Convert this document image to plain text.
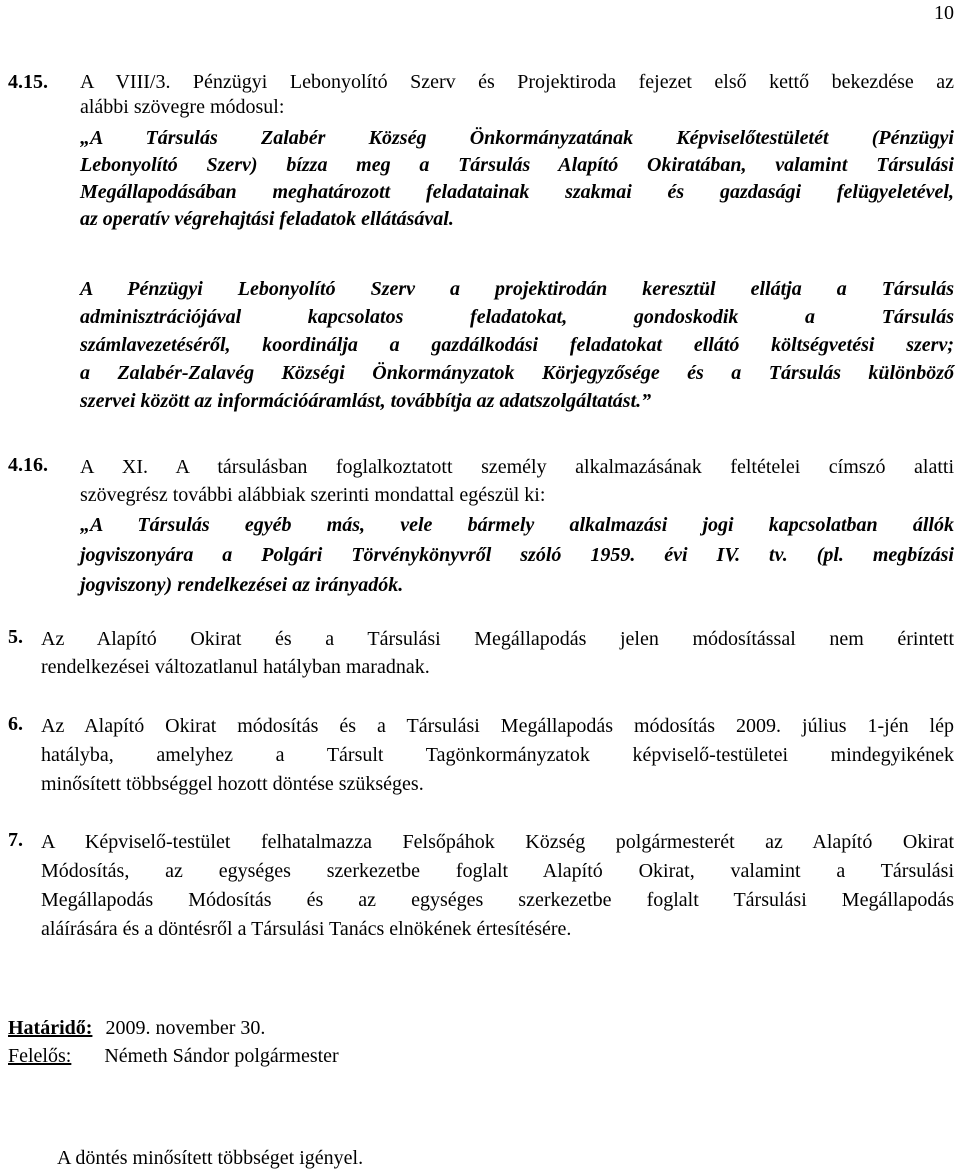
10
4.15.	A VIII/3. Pénzügyi Lebonyolító Szerv és Projektiroda fejezet első kettő bekezdése az
alábbi szövegre módosul:
„A Társulás Zalabér Község Önkormányzatának Képviselőtestületét (Pénzügyi
Lebonyolító Szerv) bízza meg a Társulás Alapító Okiratában, valamint Társulási
Megállapodásában meghatározott feladatainak szakmai és gazdasági felügyeletével,
az operatív végrehajtási feladatok ellátásával.
A Pénzügyi Lebonyolító Szerv a projektirodán keresztül ellátja a Társulás
adminisztrációjával kapcsolatos feladatokat, gondoskodik a Társulás
számlavezetéséről, koordinálja a gazdálkodási feladatokat ellátó költségvetési szerv;
a Zalabér-Zalavég Községi Önkormányzatok Körjegyzősége és a Társulás különböző
szervei között az információáramlást, továbbítja az adatszolgáltatást.”
4.16.	A XI. A társulásban foglalkoztatott személy alkalmazásának feltételei címszó alatti
szövegrész további alábbiak szerinti mondattal egészül ki:
„A Társulás egyéb más, vele bármely alkalmazási jogi kapcsolatban állók
jogviszonyára a Polgári Törvénykönyvről szóló 1959. évi IV. tv. (pl. megbízási
jogviszony) rendelkezései az irányadók.
5. Az Alapító Okirat és a Társulási Megállapodás jelen módosítással nem érintett
rendelkezései változatlanul hatályban maradnak.
6. Az Alapító Okirat módosítás és a Társulási Megállapodás módosítás 2009. július 1-jén lép
hatályba, amelyhez a Társult Tagönkormányzatok képviselő-testületei mindegyikének
minősített többséggel hozott döntése szükséges.
7. A Képviselő-testület felhatalmazza Felsőpáhok Község polgármesterét az Alapító Okirat
Módosítás, az egységes szerkezetbe foglalt Alapító Okirat, valamint a Társulási
Megállapodás Módosítás és az egységes szerkezetbe foglalt Társulási Megállapodás
aláírására és a döntésről a Társulási Tanács elnökének értesítésére.
Határidő: 2009. november 30.
Felelős: Németh Sándor polgármester
A döntés minősített többséget igényel.
